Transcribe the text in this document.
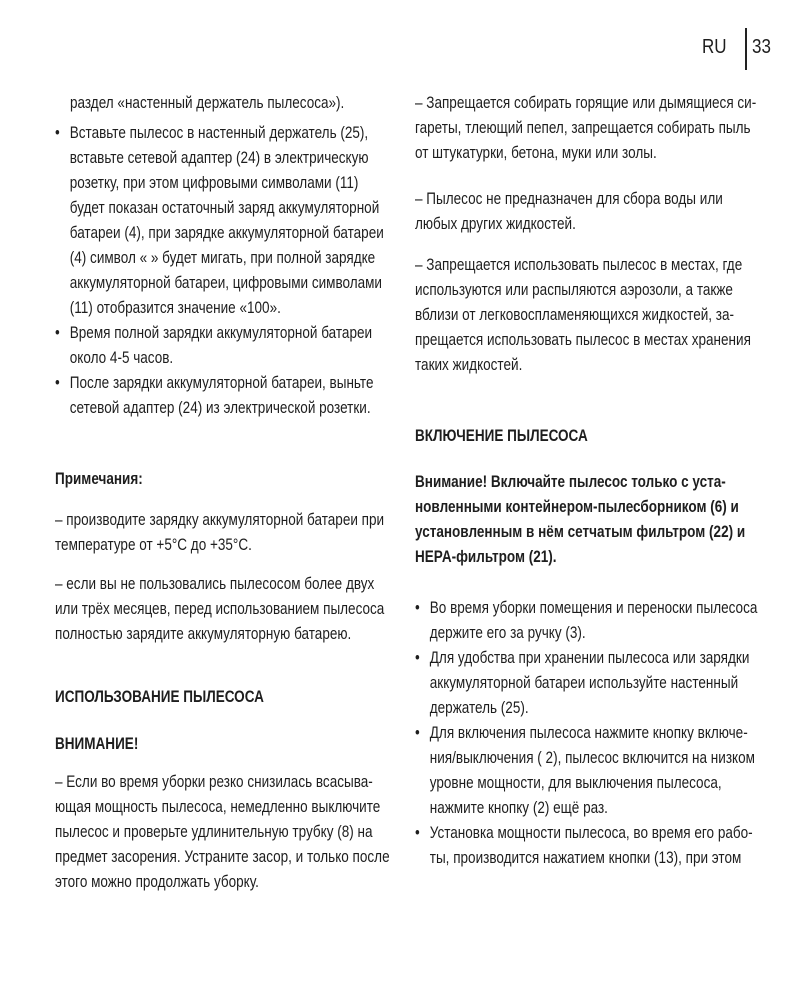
RU 33
раздел «настенный держатель пылесоса»).
• Вставьте пылесос в настенный держатель (25),
вставьте сетевой адаптер (24) в электрическую
розетку, при этом цифровыми символами (11)
будет показан остаточный заряд аккумуляторной
батареи (4), при зарядке аккумуляторной батареи
(4) символ « » будет мигать, при полной зарядке
аккумуляторной батареи, цифровыми символами
(11) отобразится значение «100».
• Время полной зарядки аккумуляторной батареи
около 4-5 часов.
• После зарядки аккумуляторной батареи, выньте
сетевой адаптер (24) из электрической розетки.
Примечания:
– производите зарядку аккумуляторной батареи при
температуре от +5°C до +35°C.
– если вы не пользовались пылесосом более двух
или трёх месяцев, перед использованием пылесоса
полностью зарядите аккумуляторную батарею.
ИСПОЛЬЗОВАНИЕ ПЫЛЕСОСА
ВНИМАНИЕ!
– Если во время уборки резко снизилась всасыва-
ющая мощность пылесоса, немедленно выключите
пылесос и проверьте удлинительную трубку (8) на
предмет засорения. Устраните засор, и только после
этого можно продолжать уборку.
– Запрещается собирать горящие или дымящиеся си-
гареты, тлеющий пепел, запрещается собирать пыль
от штукатурки, бетона, муки или золы.
– Пылесос не предназначен для сбора воды или
любых других жидкостей.
– Запрещается использовать пылесос в местах, где
используются или распыляются аэрозоли, а также
вблизи от легковоспламеняющихся жидкостей, за-
прещается использовать пылесос в местах хранения
таких жидкостей.
ВКЛЮЧЕНИЕ ПЫЛЕСОСА
Внимание! Включайте пылесос только с уста-
новленными контейнером-пылесборником (6) и
установленным в нём сетчатым фильтром (22) и
HEPA-фильтром (21).
• Во время уборки помещения и переноски пылесоса
держите его за ручку (3).
• Для удобства при хранении пылесоса или зарядки
аккумуляторной батареи используйте настенный
держатель (25).
• Для включения пылесоса нажмите кнопку включе-
ния/выключения ( 2), пылесос включится на низком
уровне мощности, для выключения пылесоса,
нажмите кнопку (2) ещё раз.
• Установка мощности пылесоса, во время его рабо-
ты, производится нажатием кнопки (13), при этом
